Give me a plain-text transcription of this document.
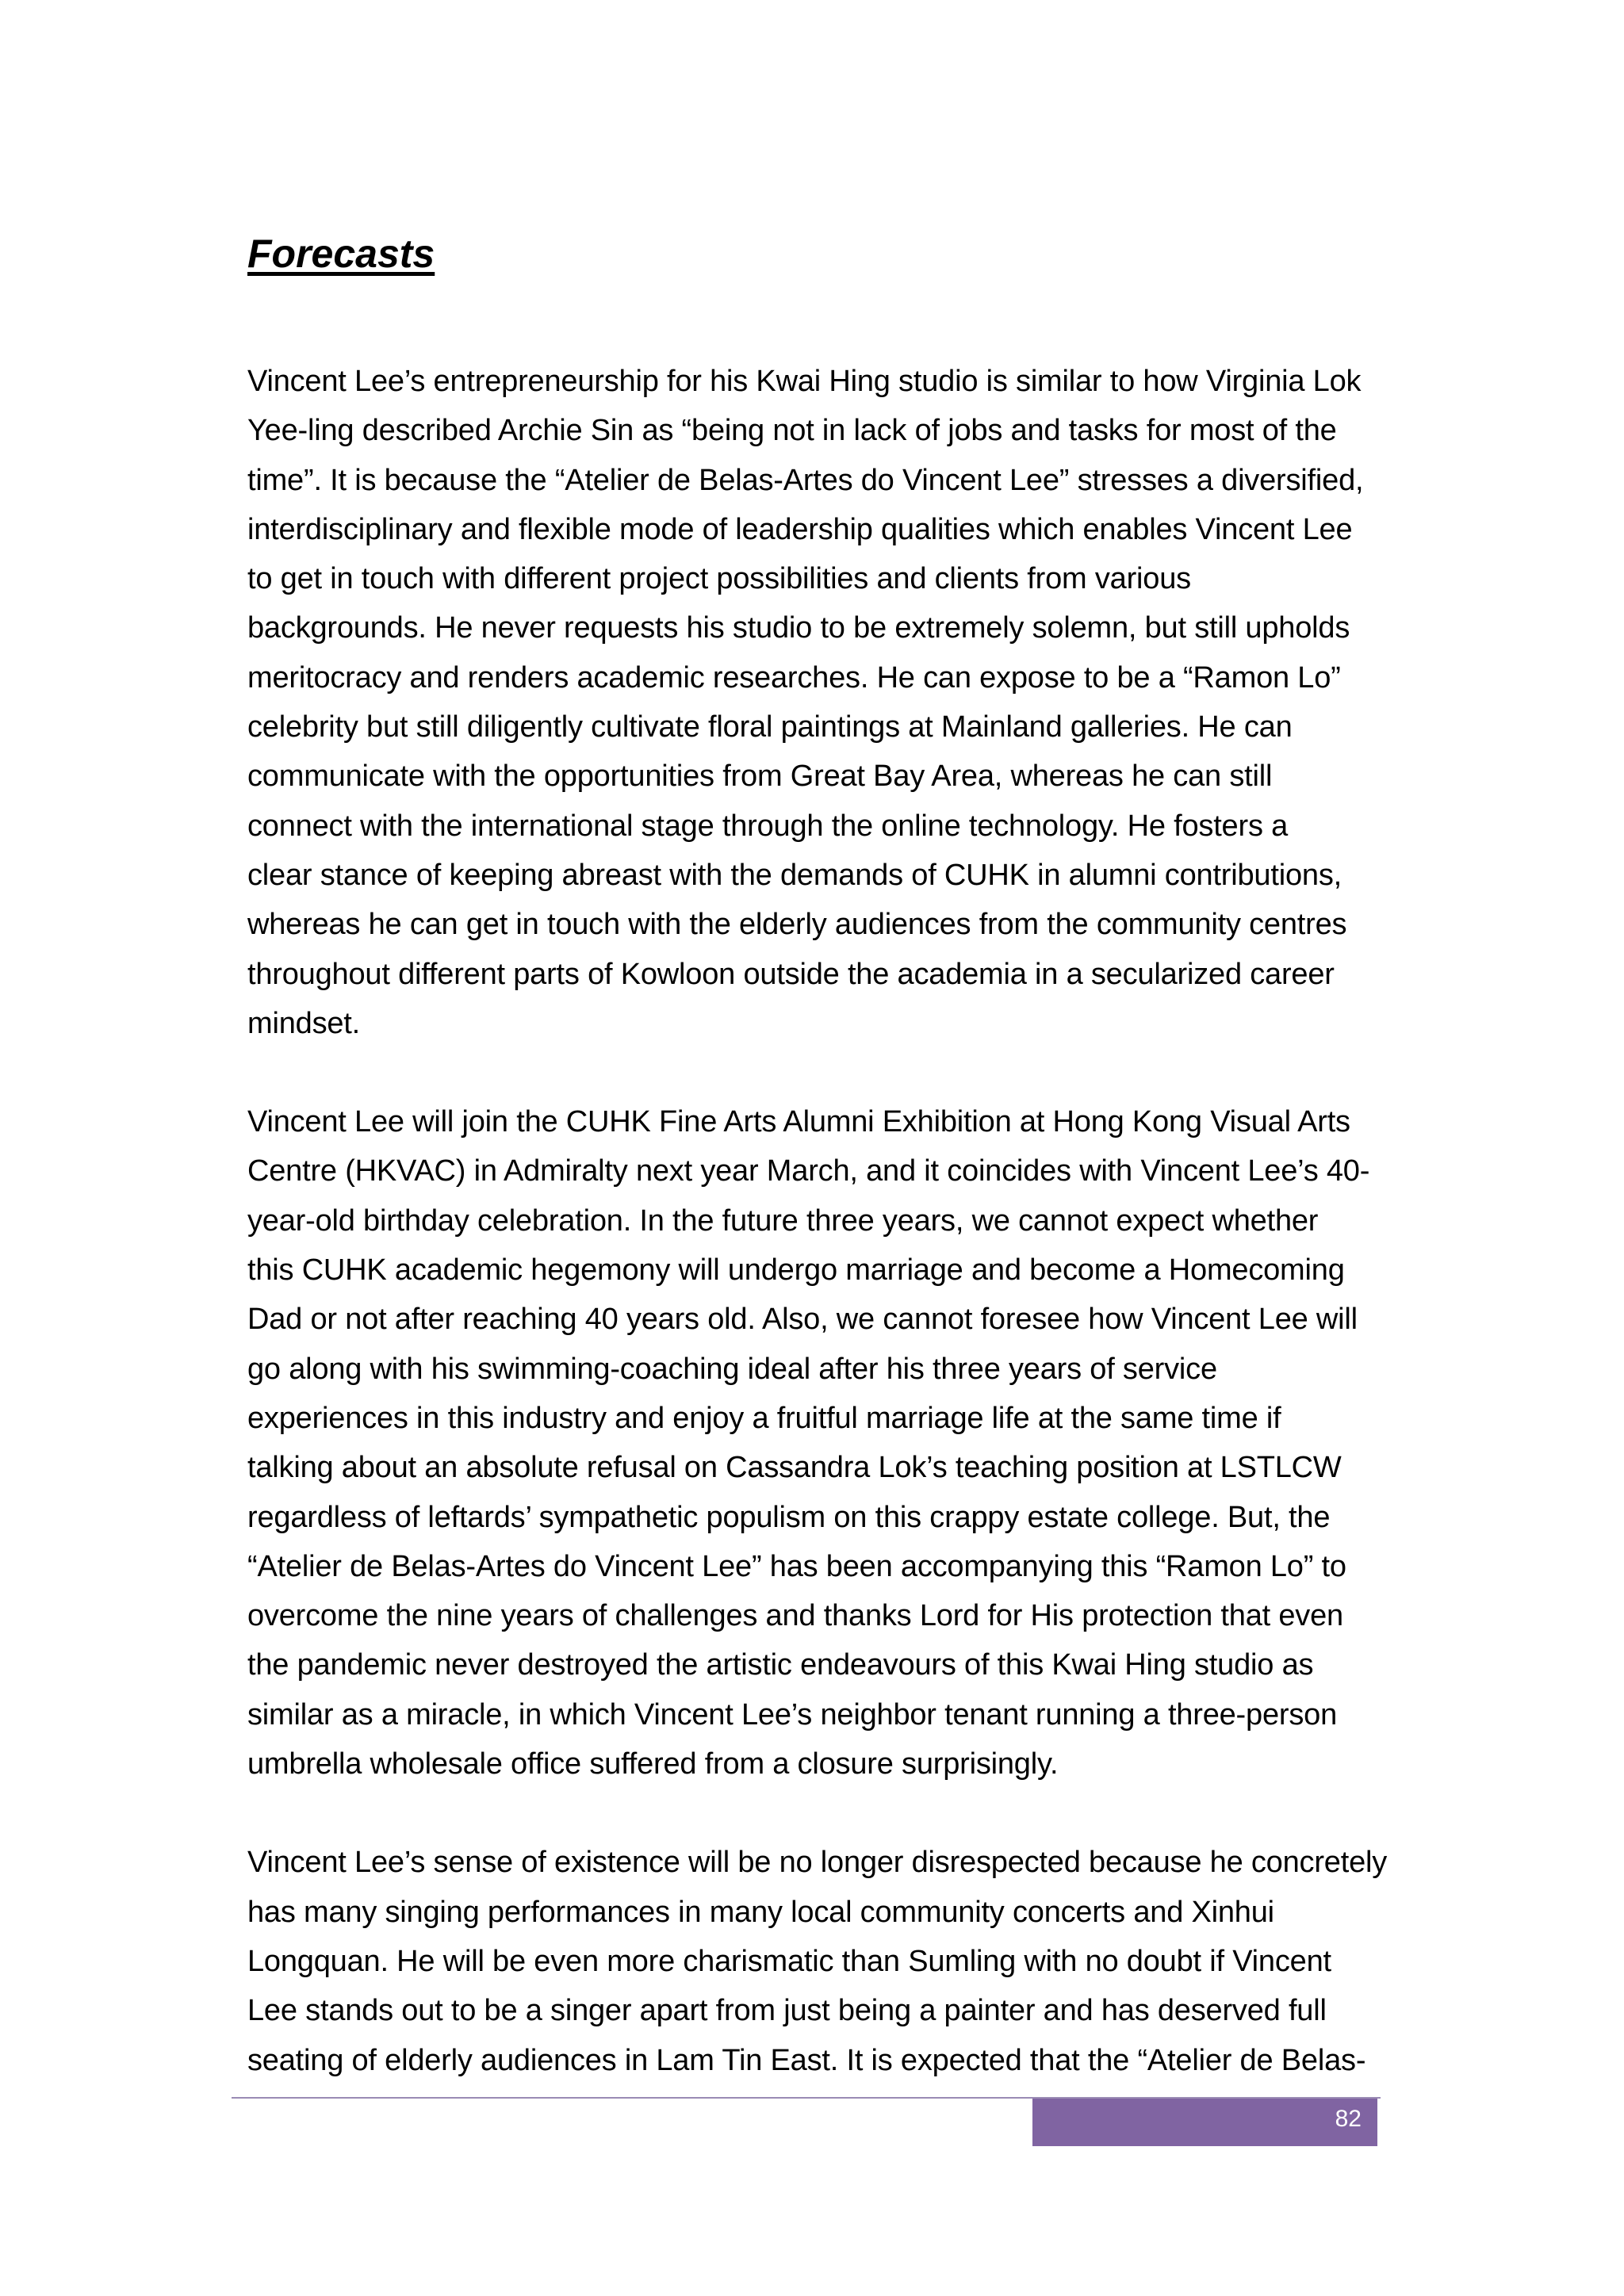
Forecasts

Vincent Lee’s entrepreneurship for his Kwai Hing studio is similar to how Virginia Lok
Yee-ling described Archie Sin as “being not in lack of jobs and tasks for most of the
time”. It is because the “Atelier de Belas-Artes do Vincent Lee” stresses a diversified,
interdisciplinary and flexible mode of leadership qualities which enables Vincent Lee
to get in touch with different project possibilities and clients from various
backgrounds. He never requests his studio to be extremely solemn, but still upholds
meritocracy and renders academic researches. He can expose to be a “Ramon Lo”
celebrity but still diligently cultivate floral paintings at Mainland galleries. He can
communicate with the opportunities from Great Bay Area, whereas he can still
connect with the international stage through the online technology. He fosters a
clear stance of keeping abreast with the demands of CUHK in alumni contributions,
whereas he can get in touch with the elderly audiences from the community centres
throughout different parts of Kowloon outside the academia in a secularized career
mindset.

Vincent Lee will join the CUHK Fine Arts Alumni Exhibition at Hong Kong Visual Arts
Centre (HKVAC) in Admiralty next year March, and it coincides with Vincent Lee’s 40-
year-old birthday celebration. In the future three years, we cannot expect whether
this CUHK academic hegemony will undergo marriage and become a Homecoming
Dad or not after reaching 40 years old. Also, we cannot foresee how Vincent Lee will
go along with his swimming-coaching ideal after his three years of service
experiences in this industry and enjoy a fruitful marriage life at the same time if
talking about an absolute refusal on Cassandra Lok’s teaching position at LSTLCW
regardless of leftards’ sympathetic populism on this crappy estate college. But, the
“Atelier de Belas-Artes do Vincent Lee” has been accompanying this “Ramon Lo” to
overcome the nine years of challenges and thanks Lord for His protection that even
the pandemic never destroyed the artistic endeavours of this Kwai Hing studio as
similar as a miracle, in which Vincent Lee’s neighbor tenant running a three-person
umbrella wholesale office suffered from a closure surprisingly.

Vincent Lee’s sense of existence will be no longer disrespected because he concretely
has many singing performances in many local community concerts and Xinhui
Longquan. He will be even more charismatic than Sumling with no doubt if Vincent
Lee stands out to be a singer apart from just being a painter and has deserved full
seating of elderly audiences in Lam Tin East. It is expected that the “Atelier de Belas-

82
